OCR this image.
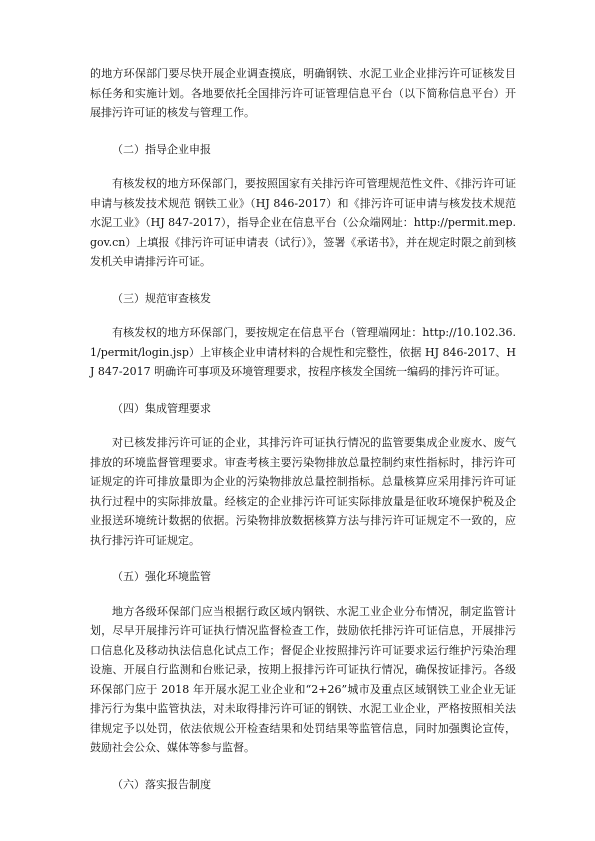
的地方环保部门要尽快开展企业调查摸底，明确钢铁、水泥工业企业排污许可证核发目标任务和实施计划。各地要依托全国排污许可证管理信息平台（以下简称信息平台）开展排污许可证的核发与管理工作。

（二）指导企业申报

有核发权的地方环保部门，要按照国家有关排污许可管理规范性文件、《排污许可证申请与核发技术规范 钢铁工业》（HJ 846-2017）和《排污许可证申请与核发技术规范 水泥工业》（HJ 847-2017），指导企业在信息平台（公众端网址：http://permit.mep.gov.cn）上填报《排污许可证申请表（试行）》，签署《承诺书》，并在规定时限之前到核发机关申请排污许可证。

（三）规范审查核发

有核发权的地方环保部门，要按规定在信息平台（管理端网址：http://10.102.36.1/permit/login.jsp）上审核企业申请材料的合规性和完整性，依据 HJ 846-2017、HJ 847-2017 明确许可事项及环境管理要求，按程序核发全国统一编码的排污许可证。

（四）集成管理要求

对已核发排污许可证的企业，其排污许可证执行情况的监管要集成企业废水、废气排放的环境监督管理要求。审查考核主要污染物排放总量控制约束性指标时，排污许可证规定的许可排放量即为企业的污染物排放总量控制指标。总量核算应采用排污许可证执行过程中的实际排放量。经核定的企业排污许可证实际排放量是征收环境保护税及企业报送环境统计数据的依据。污染物排放数据核算方法与排污许可证规定不一致的，应执行排污许可证规定。

（五）强化环境监管

地方各级环保部门应当根据行政区域内钢铁、水泥工业企业分布情况，制定监管计划，尽早开展排污许可证执行情况监督检查工作，鼓励依托排污许可证信息，开展排污口信息化及移动执法信息化试点工作；督促企业按照排污许可证要求运行维护污染治理设施、开展自行监测和台账记录，按期上报排污许可证执行情况，确保按证排污。各级环保部门应于 2018 年开展水泥工业企业和“2+26”城市及重点区域钢铁工业企业无证排污行为集中监管执法，对未取得排污许可证的钢铁、水泥工业企业，严格按照相关法律规定予以处罚，依法依规公开检查结果和处罚结果等监管信息，同时加强舆论宣传，鼓励社会公众、媒体等参与监督。

（六）落实报告制度
